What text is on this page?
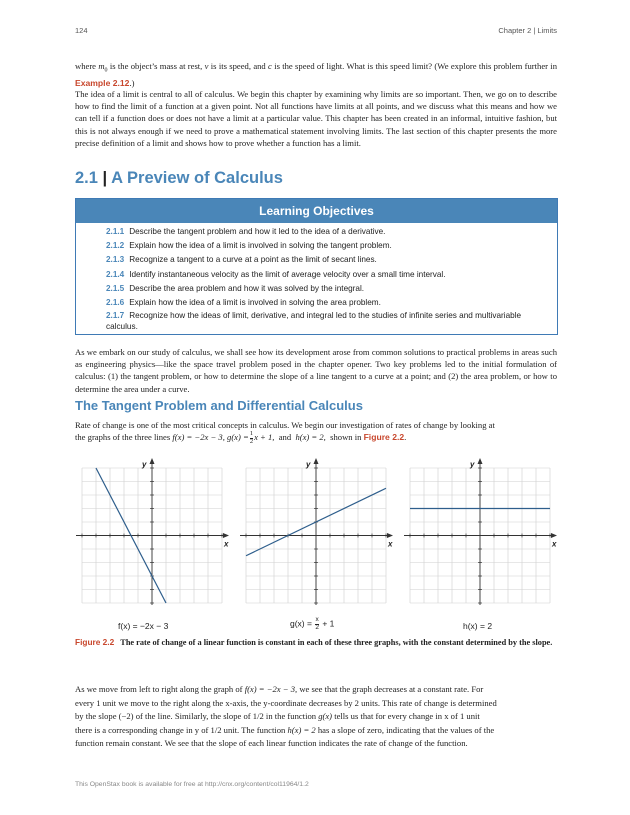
124	Chapter 2 | Limits
where $m_0$ is the object’s mass at rest, v is its speed, and c is the speed of light. What is this speed limit? (We explore this problem further in Example 2.12.)
The idea of a limit is central to all of calculus. We begin this chapter by examining why limits are so important. Then, we go on to describe how to find the limit of a function at a given point. Not all functions have limits at all points, and we discuss what this means and how we can tell if a function does or does not have a limit at a particular value. This chapter has been created in an informal, intuitive fashion, but this is not always enough if we need to prove a mathematical statement involving limits. The last section of this chapter presents the more precise definition of a limit and shows how to prove whether a function has a limit.
2.1 | A Preview of Calculus
Learning Objectives
2.1.1 Describe the tangent problem and how it led to the idea of a derivative.
2.1.2 Explain how the idea of a limit is involved in solving the tangent problem.
2.1.3 Recognize a tangent to a curve at a point as the limit of secant lines.
2.1.4 Identify instantaneous velocity as the limit of average velocity over a small time interval.
2.1.5 Describe the area problem and how it was solved by the integral.
2.1.6 Explain how the idea of a limit is involved in solving the area problem.
2.1.7 Recognize how the ideas of limit, derivative, and integral led to the studies of infinite series and multivariable calculus.
As we embark on our study of calculus, we shall see how its development arose from common solutions to practical problems in areas such as engineering physics—like the space travel problem posed in the chapter opener. Two key problems led to the initial formulation of calculus: (1) the tangent problem, or how to determine the slope of a line tangent to a curve at a point; and (2) the area problem, or how to determine the area under a curve.
The Tangent Problem and Differential Calculus
Rate of change is one of the most critical concepts in calculus. We begin our investigation of rates of change by looking at
the graphs of the three lines f(x) = −2x − 3, $g(x) = \frac{1}{2}$ x + 1, and h(x) = 2, shown in Figure 2.2.
x
y
x
y
x
y
f(x) = −2x − 3	$g(x) = \frac{x}{2} + 1$	h(x) = 2
Figure 2.2 The rate of change of a linear function is constant in each of these three graphs, with the constant determined by the slope.
As we move from left to right along the graph of f(x) = −2x − 3, we see that the graph decreases at a constant rate. For
every 1 unit we move to the right along the x-axis, the y-coordinate decreases by 2 units. This rate of change is determined
by the slope (−2) of the line. Similarly, the slope of 1/2 in the function g(x) tells us that for every change in x of 1 unit
there is a corresponding change in y of 1/2 unit. The function h(x) = 2 has a slope of zero, indicating that the values of the
function remain constant. We see that the slope of each linear function indicates the rate of change of the function.
This OpenStax book is available for free at http://cnx.org/content/col11964/1.2
